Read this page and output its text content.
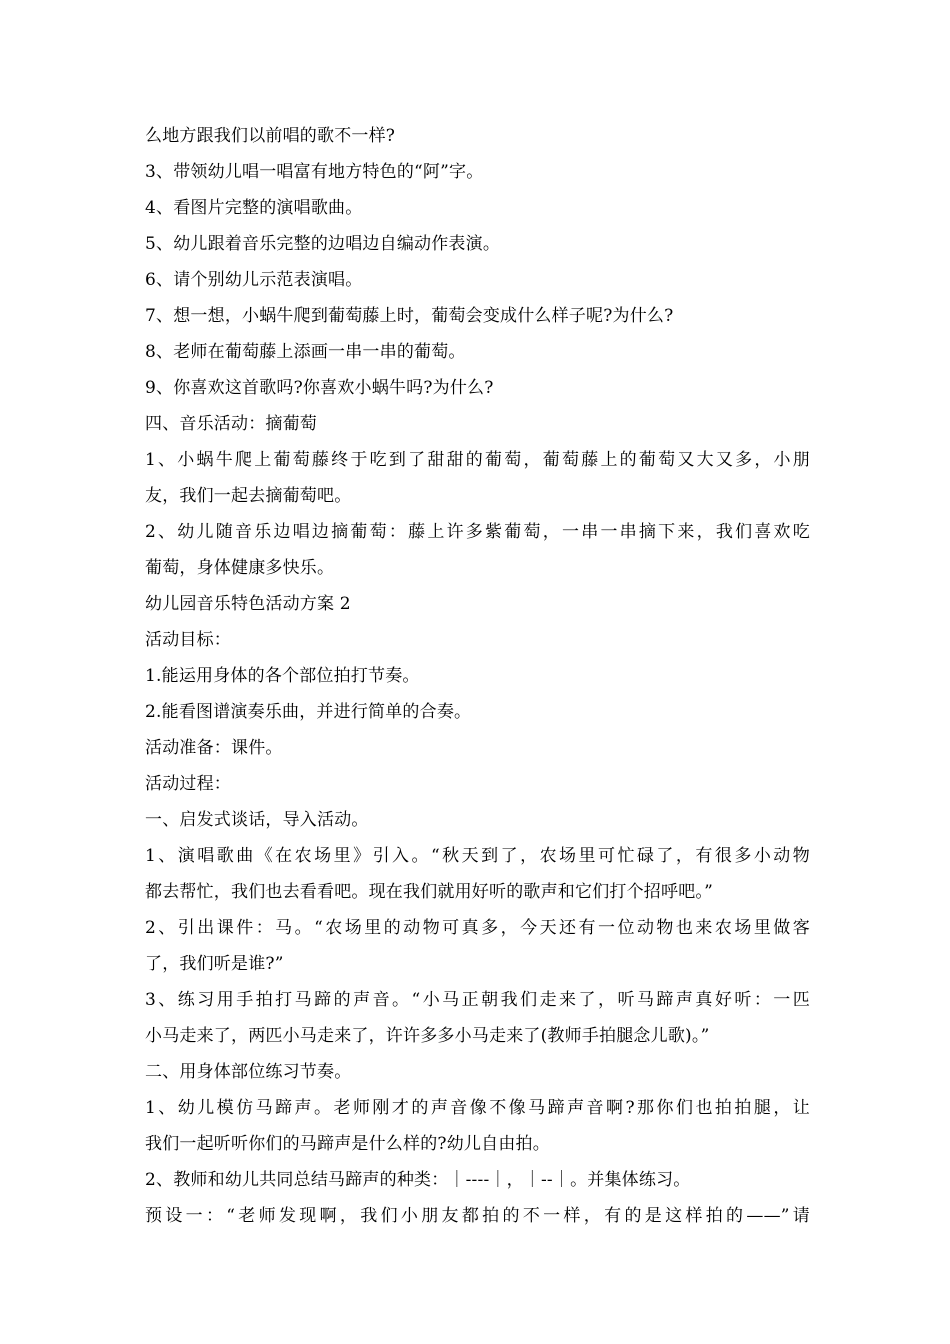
么地方跟我们以前唱的歌不一样?
3、带领幼儿唱一唱富有地方特色的“阿”字。
4、看图片完整的演唱歌曲。
5、幼儿跟着音乐完整的边唱边自编动作表演。
6、请个别幼儿示范表演唱。
7、想一想，小蜗牛爬到葡萄藤上时，葡萄会变成什么样子呢?为什么?
8、老师在葡萄藤上添画一串一串的葡萄。
9、你喜欢这首歌吗?你喜欢小蜗牛吗?为什么?
四、音乐活动：摘葡萄
1、小蜗牛爬上葡萄藤终于吃到了甜甜的葡萄，葡萄藤上的葡萄又大又多，小朋
友，我们一起去摘葡萄吧。
2、幼儿随音乐边唱边摘葡萄：藤上许多紫葡萄，一串一串摘下来，我们喜欢吃
葡萄，身体健康多快乐。
幼儿园音乐特色活动方案 2
活动目标：
1.能运用身体的各个部位拍打节奏。
2.能看图谱演奏乐曲，并进行简单的合奏。
活动准备：课件。
活动过程：
一、启发式谈话，导入活动。
1、演唱歌曲《在农场里》引入。“秋天到了，农场里可忙碌了，有很多小动物
都去帮忙，我们也去看看吧。现在我们就用好听的歌声和它们打个招呼吧。”
2、引出课件：马。“农场里的动物可真多，今天还有一位动物也来农场里做客
了，我们听是谁?”
3、练习用手拍打马蹄的声音。“小马正朝我们走来了，听马蹄声真好听：一匹
小马走来了，两匹小马走来了，许许多多小马走来了(教师手拍腿念儿歌)。”
二、用身体部位练习节奏。
1、幼儿模仿马蹄声。老师刚才的声音像不像马蹄声音啊?那你们也拍拍腿，让
我们一起听听你们的马蹄声是什么样的?幼儿自由拍。
2、教师和幼儿共同总结马蹄声的种类：｜----｜，｜--｜。并集体练习。
预设一：“老师发现啊，我们小朋友都拍的不一样，有的是这样拍的——”请
